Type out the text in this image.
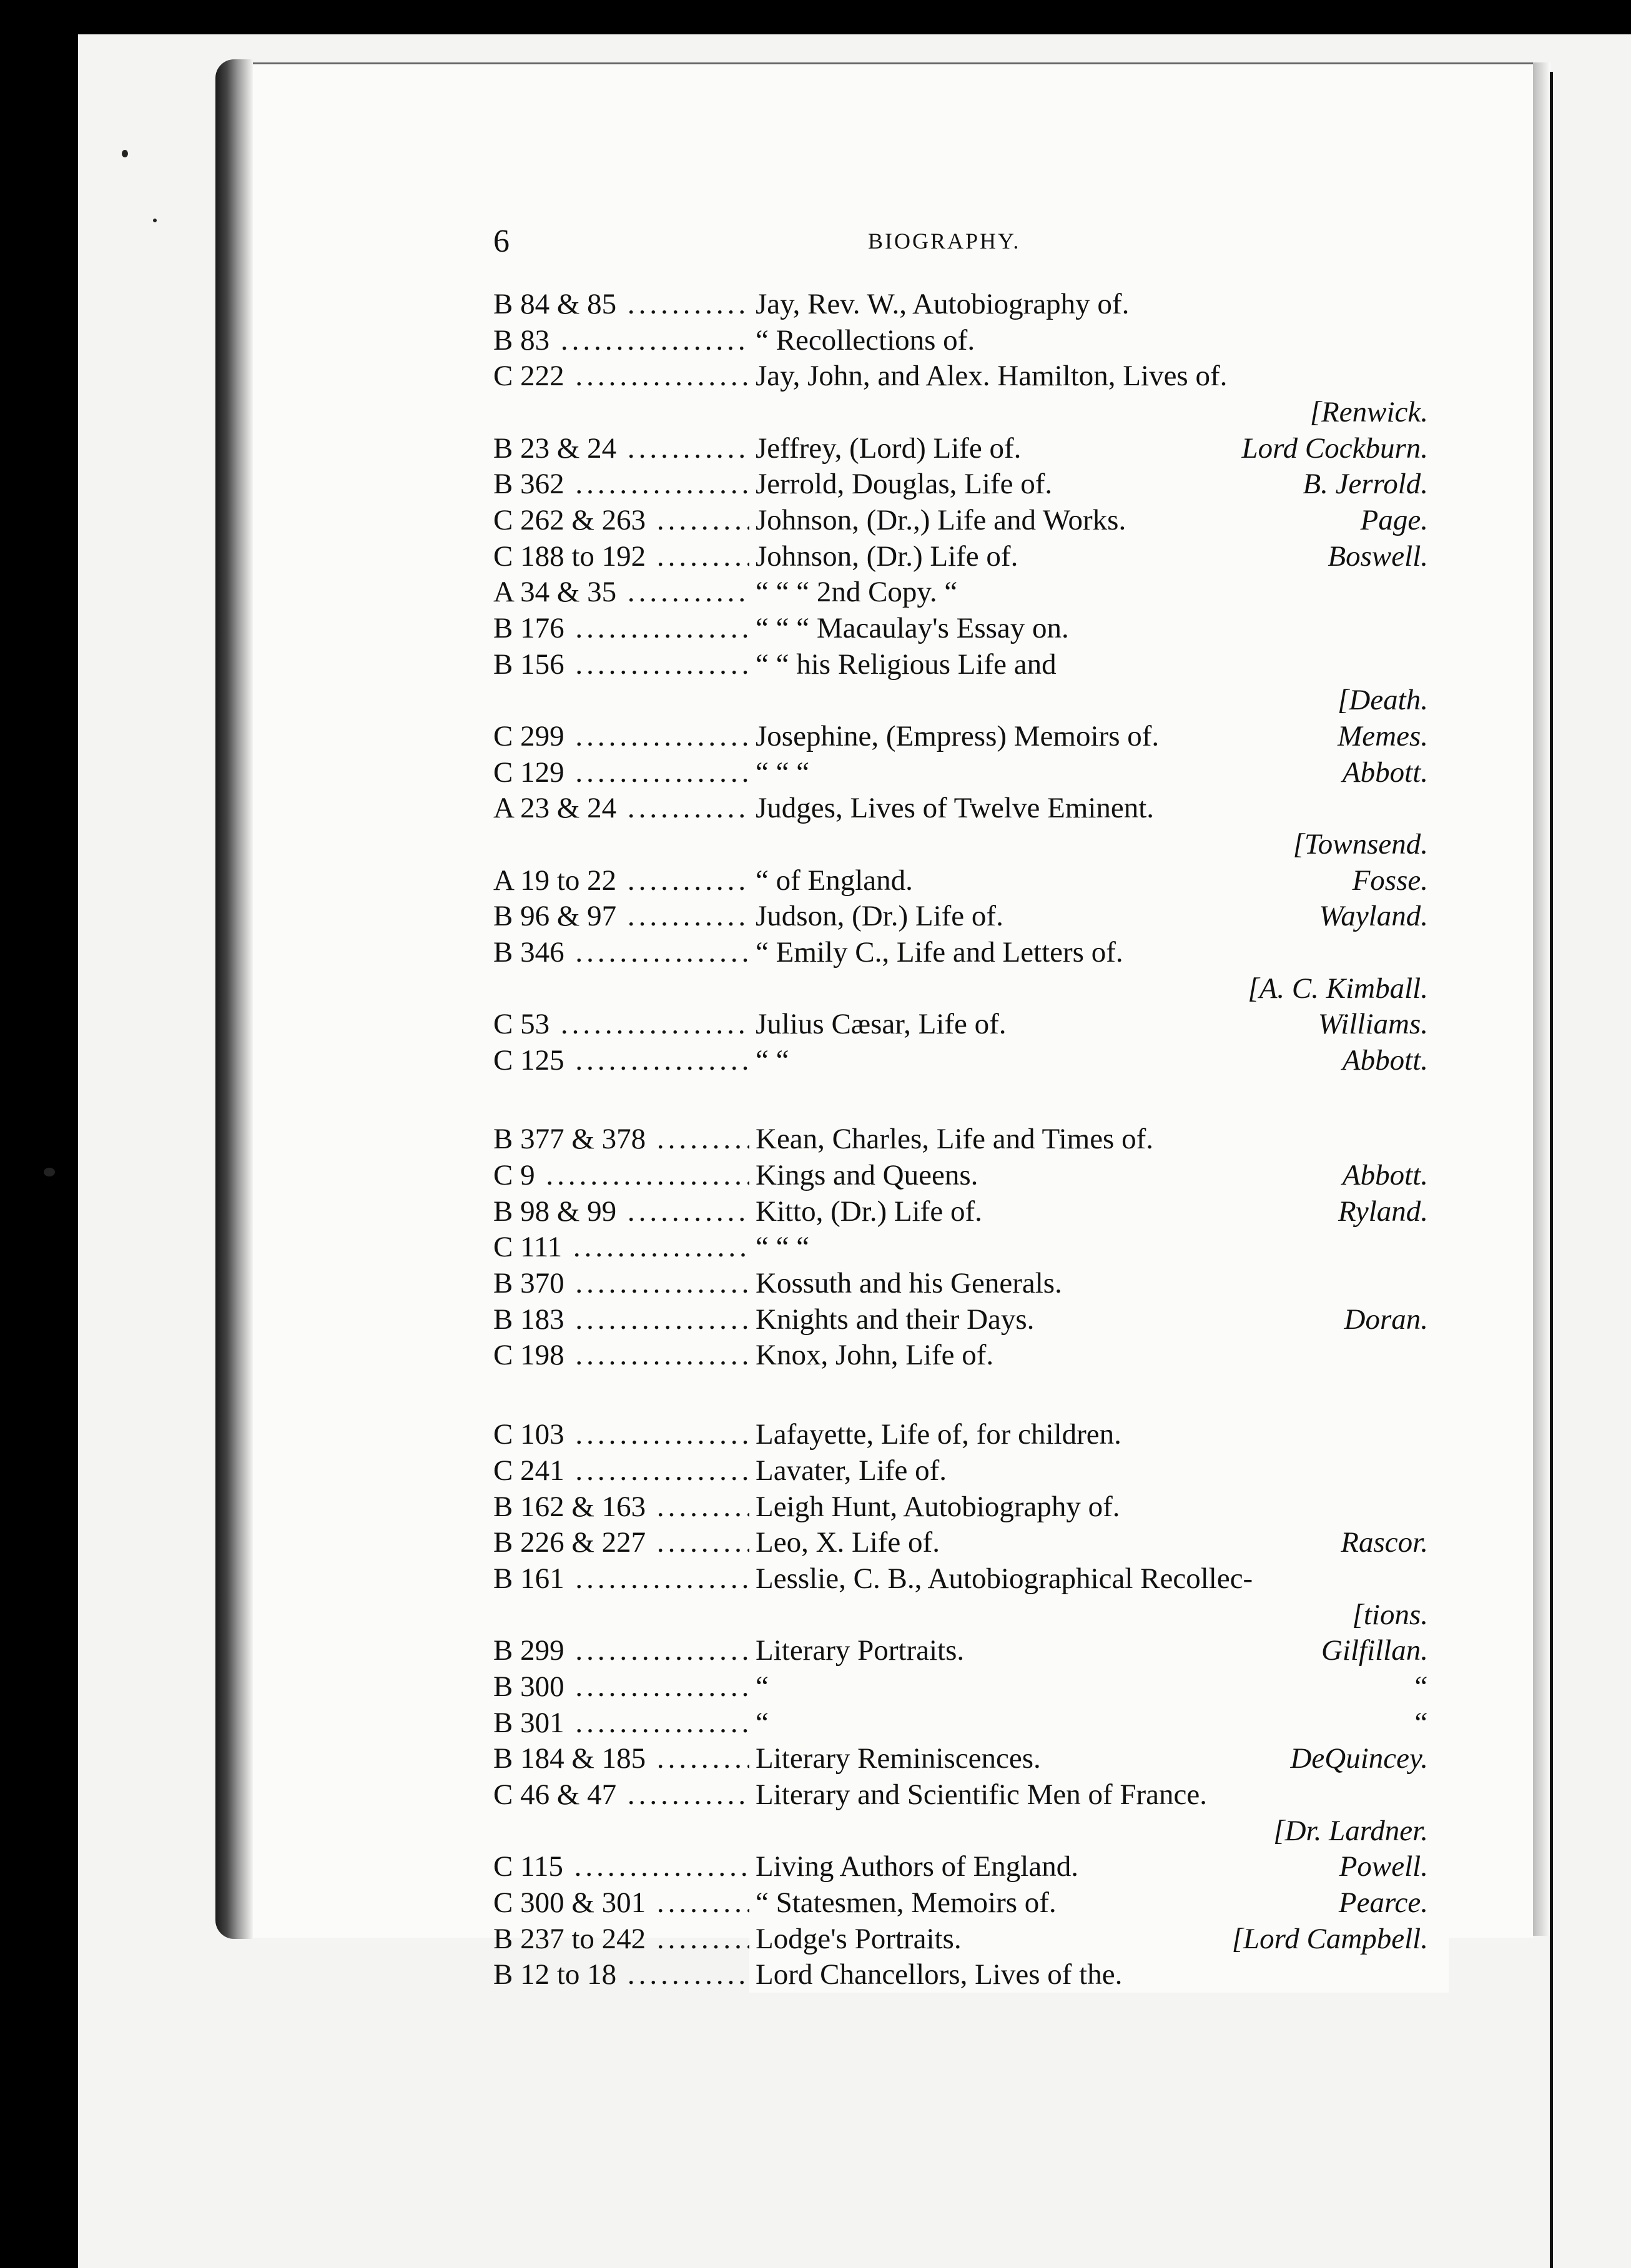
6	BIOGRAPHY.
B 84 & 85 .....	Jay, Rev. W., Autobiography of.
B 83 .....	“ Recollections of.
C 222 .....	Jay, John, and Alex. Hamilton, Lives of.
[Renwick.
B 23 & 24 .....	Jeffrey, (Lord) Life of.	Lord Cockburn.
B 362 .....	Jerrold, Douglas, Life of.	B. Jerrold.
C 262 & 263 .....	Johnson, (Dr.,) Life and Works.	Page.
C 188 to 192 .....	Johnson, (Dr.) Life of.	Boswell.
A 34 & 35 .....	“ “ “ 2nd Copy. “
B 176 .....	“ “ “ Macaulay's Essay on.
B 156 .....	“ “ his Religious Life and
[Death.
C 299 .....	Josephine, (Empress) Memoirs of.	Memes.
C 129 .....	“ “ “	Abbott.
A 23 & 24 .....	Judges, Lives of Twelve Eminent.
[Townsend.
A 19 to 22 .....	“ of England.	Fosse.
B 96 & 97 .....	Judson, (Dr.) Life of.	Wayland.
B 346 .....	“ Emily C., Life and Letters of.
[A. C. Kimball.
C 53 .....	Julius Cæsar, Life of.	Williams.
C 125 .....	“ “	Abbott.
B 377 & 378 .....	Kean, Charles, Life and Times of.
C 9 .....	Kings and Queens.	Abbott.
B 98 & 99 .....	Kitto, (Dr.) Life of.	Ryland.
C 111 .....	“ “ “
B 370 .....	Kossuth and his Generals.
B 183 .....	Knights and their Days.	Doran.
C 198 .....	Knox, John, Life of.
C 103 .....	Lafayette, Life of, for children.
C 241 .....	Lavater, Life of.
B 162 & 163 .....	Leigh Hunt, Autobiography of.
B 226 & 227 .....	Leo, X. Life of.	Rascor.
B 161 .....	Lesslie, C. B., Autobiographical Recollec-
[tions.
B 299 .....	Literary Portraits.	Gilfillan.
B 300 .....	“	“
B 301 .....	“	“
B 184 & 185 .....	Literary Reminiscences.	DeQuincey.
C 46 & 47 .....	Literary and Scientific Men of France.
[Dr. Lardner.
C 115 .....	Living Authors of England.	Powell.
C 300 & 301 .....	“ Statesmen, Memoirs of.	Pearce.
B 237 to 242 .....	Lodge's Portraits.	[Lord Campbell.
B 12 to 18 .....	Lord Chancellors, Lives of the.
